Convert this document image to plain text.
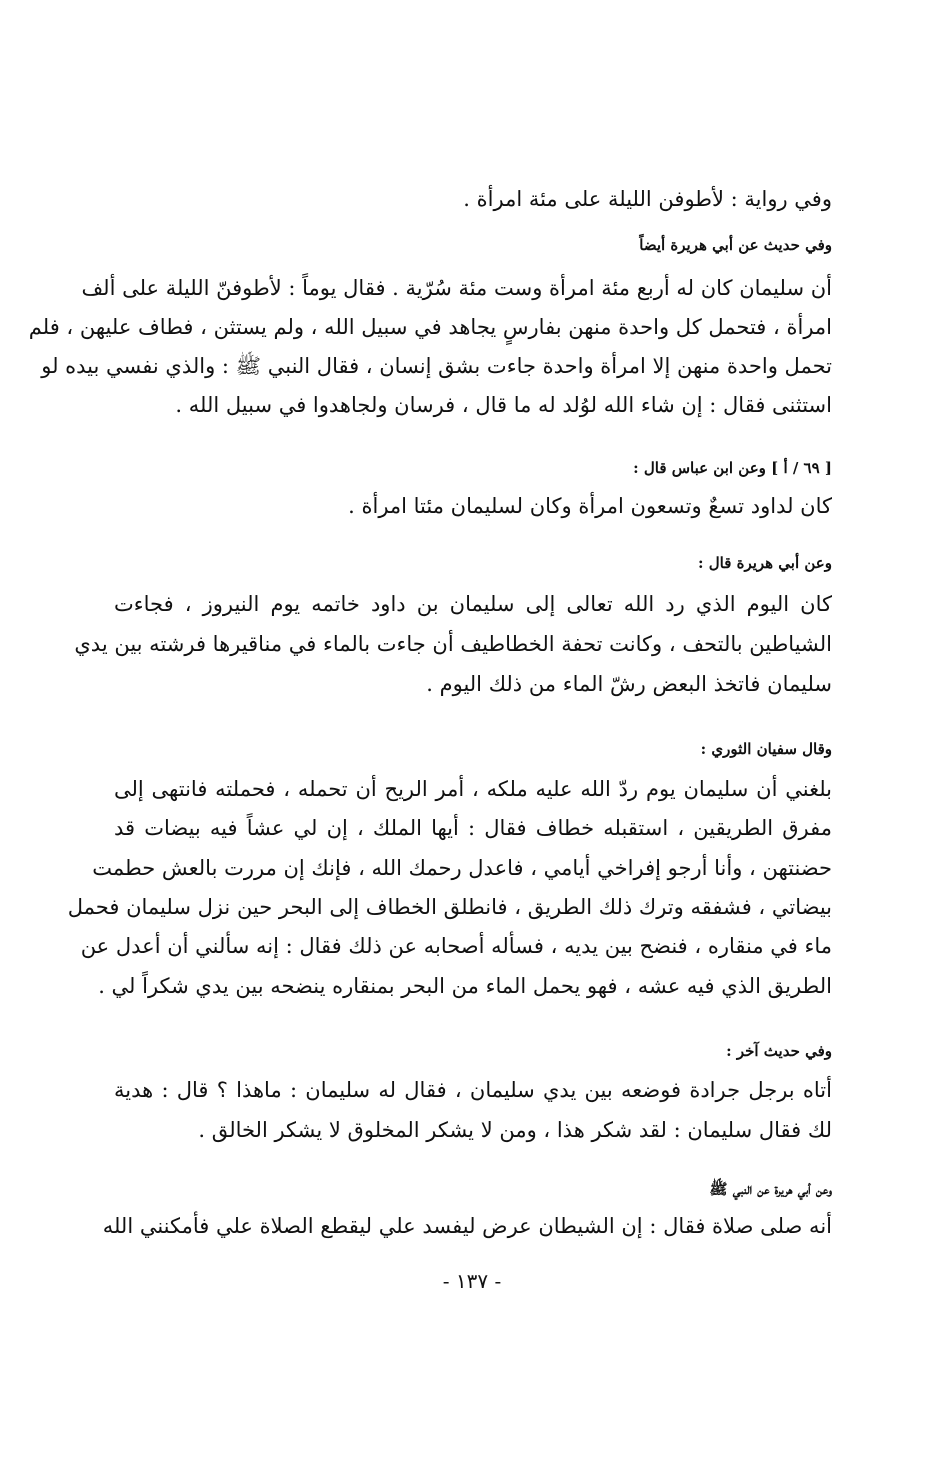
وفي رواية : لأطوفن الليلة على مئة امرأة .
وفي حديث عن أبي هريرة أيضاً
أن سليمان كان له أربع مئة امرأة وست مئة سُرّية . فقال يوماً : لأطوفنّ الليلة على ألف
امرأة ، فتحمل كل واحدة منهن بفارسٍ يجاهد في سبيل الله ، ولم يستثن ، فطاف عليهن ، فلم
تحمل واحدة منهن إلا امرأة واحدة جاءت بشق إنسان ، فقال النبي ﷺ : والذي نفسي بيده لو
استثنى فقال : إن شاء الله لوُلد له ما قال ، فرسان ولجاهدوا في سبيل الله .
[ ٦٩ / أ ] وعن ابن عباس قال :
كان لداود تسعٌ وتسعون امرأة وكان لسليمان مئتا امرأة .
وعن أبي هريرة قال :
كان اليوم الذي رد الله تعالى إلى سليمان بن داود خاتمه يوم النيروز ، فجاءت
الشياطين بالتحف ، وكانت تحفة الخطاطيف أن جاءت بالماء في مناقيرها فرشته بين يدي
سليمان فاتخذ البعض رشّ الماء من ذلك اليوم .
وقال سفيان الثوري :
بلغني أن سليمان يوم ردّ الله عليه ملكه ، أمر الريح أن تحمله ، فحملته فانتهى إلى
مفرق الطريقين ، استقبله خطاف فقال : أيها الملك ، إن لي عشاً فيه بيضات قد
حضنتهن ، وأنا أرجو إفراخي أيامي ، فاعدل رحمك الله ، فإنك إن مررت بالعش حطمت
بيضاتي ، فشفقه وترك ذلك الطريق ، فانطلق الخطاف إلى البحر حين نزل سليمان فحمل
ماء في منقاره ، فنضح بين يديه ، فسأله أصحابه عن ذلك فقال : إنه سألني أن أعدل عن
الطريق الذي فيه عشه ، فهو يحمل الماء من البحر بمنقاره ينضحه بين يدي شكراً لي .
وفي حديث آخر :
أتاه برجل جرادة فوضعه بين يدي سليمان ، فقال له سليمان : ماهذا ؟ قال : هدية
لك فقال سليمان : لقد شكر هذا ، ومن لا يشكر المخلوق لا يشكر الخالق .
وعن أبي هريرة عن النبي ﷺ
أنه صلى صلاة فقال : إن الشيطان عرض ليفسد علي ليقطع الصلاة علي فأمكنني الله
- ١٣٧ -
